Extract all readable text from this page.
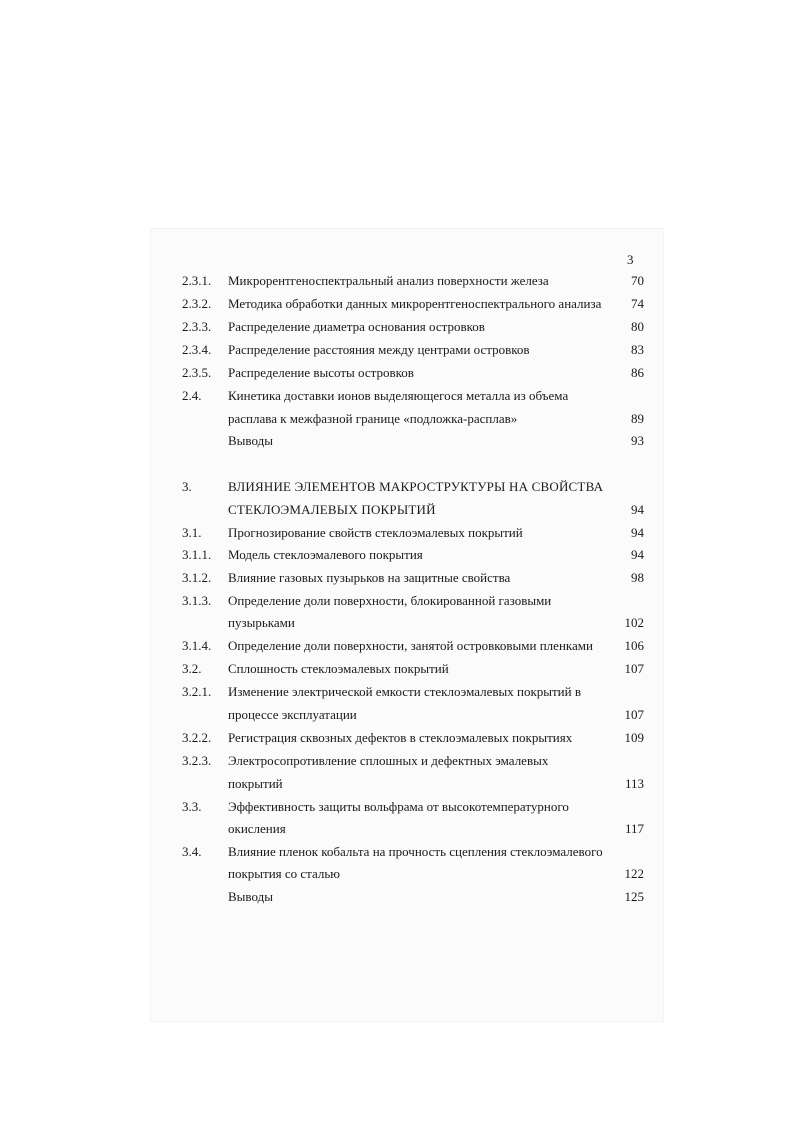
3
2.3.1. Микрорентгеноспектральный анализ поверхности железа	70
2.3.2. Методика обработки данных микрорентгеноспектрального анализа 74
2.3.3. Распределение диаметра основания островков	80
2.3.4. Распределение расстояния между центрами островков	83
2.3.5. Распределение высоты островков	86
2.4. Кинетика доставки ионов выделяющегося металла из объема
расплава к межфазной границе «подложка-расплав»	89
Выводы	93
3.	ВЛИЯНИЕ ЭЛЕМЕНТОВ МАКРОСТРУКТУРЫ НА СВОЙСТВА
СТЕКЛОЭМАЛЕВЫХ ПОКРЫТИЙ	94
3.1. Прогнозирование свойств стеклоэмалевых покрытий	94
3.1.1. Модель стеклоэмалевого покрытия	94
3.1.2. Влияние газовых пузырьков на защитные свойства	98
3.1.3. Определение доли поверхности, блокированной газовыми
пузырьками	102
3.1.4. Определение доли поверхности, занятой островковыми пленками 106
3.2. Сплошность стеклоэмалевых покрытий	107
3.2.1. Изменение электрической емкости стеклоэмалевых покрытий в
процессе эксплуатации	107
3.2.2. Регистрация сквозных дефектов в стеклоэмалевых покрытиях	109
3.2.3. Электросопротивление сплошных и дефектных эмалевых
покрытий	113
3.3. Эффективность защиты вольфрама от высокотемпературного
окисления	117
3.4. Влияние пленок кобальта на прочность сцепления стеклоэмалевого
покрытия со сталью	122
Выводы	125
